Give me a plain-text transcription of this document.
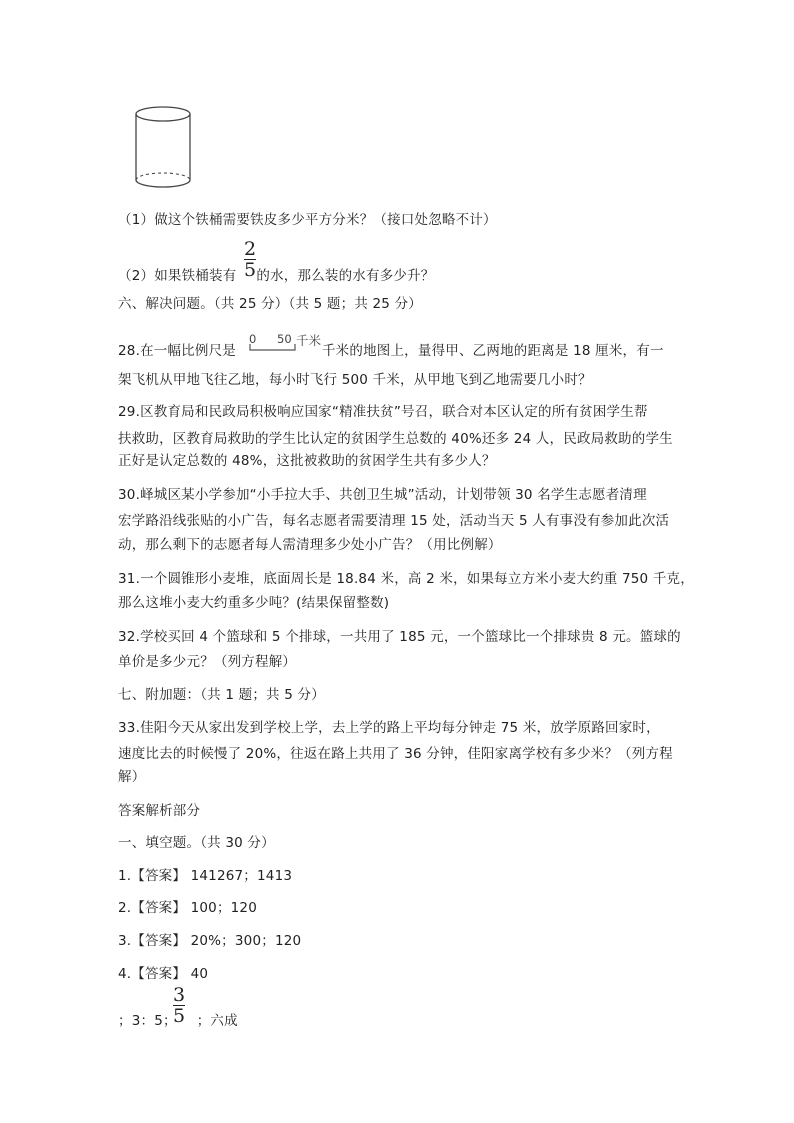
（1）做这个铁桶需要铁皮多少平方分米？（接口处忽略不计）
（2）如果铁桶装有 的水，那么装的水有多少升？
2
5
六、解决问题。（共 25 分）（共 5 题；共 25 分）
28.在一幅比例尺是	千米的地图上，量得甲、乙两地的距离是 18 厘米，有一
0 50 千米
架飞机从甲地飞往乙地，每小时飞行 500 千米，从甲地飞到乙地需要几小时？
29.区教育局和民政局积极响应国家“精准扶贫”号召，联合对本区认定的所有贫困学生帮
扶救助，区教育局救助的学生比认定的贫困学生总数的 40%还多 24 人，民政局救助的学生
正好是认定总数的 48%，这批被救助的贫困学生共有多少人？
30.峄城区某小学参加“小手拉大手、共创卫生城”活动，计划带领 30 名学生志愿者清理
宏学路沿线张贴的小广告，每名志愿者需要清理 15 处，活动当天 5 人有事没有参加此次活
动，那么剩下的志愿者每人需清理多少处小广告？（用比例解）
31.一个圆锥形小麦堆，底面周长是 18.84 米，高 2 米，如果每立方米小麦大约重 750 千克，
那么这堆小麦大约重多少吨？(结果保留整数)
32.学校买回 4 个篮球和 5 个排球，一共用了 185 元，一个篮球比一个排球贵 8 元。篮球的
单价是多少元？（列方程解）
七、附加题：（共 1 题；共 5 分）
33.佳阳今天从家出发到学校上学，去上学的路上平均每分钟走 75 米，放学原路回家时，
速度比去的时候慢了 20%，往返在路上共用了 36 分钟，佳阳家离学校有多少米？（列方程
解）
答案解析部分
一、填空题。（共 30 分）
1.【答案】 141267；1413
2.【答案】 100；120
3.【答案】 20%；300；120
4.【答案】 40
；3：5； ；六成
3
5
